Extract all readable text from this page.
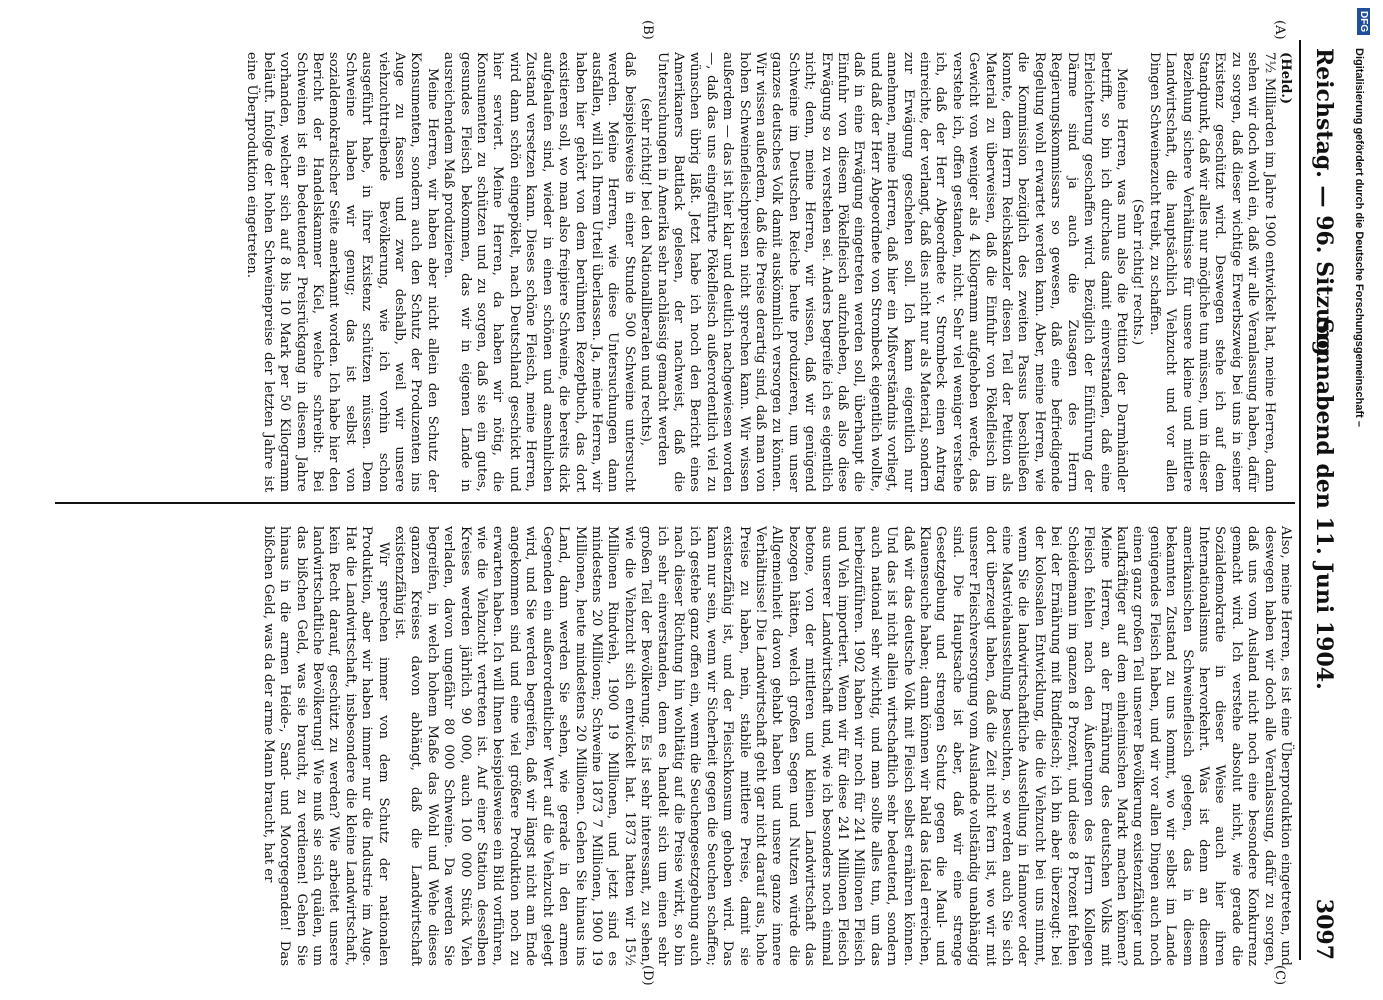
Reichstag. — 96. Sitzung.
Sonnabend den 11. Juni 1904.
3097
(A)
(B)
(C)
(D)

(Held.)

7½ Milliarden im Jahre 1900 entwickelt hat, meine Herren, dann sehen wir doch wohl ein, daß wir alle Veranlassung haben, dafür zu sorgen, daß dieser wichtige Erwerbszweig bei uns in seiner Existenz geschützt wird. Deswegen stehe ich auf dem Standpunkt, daß wir alles nur mögliche tun müssen, um in dieser Beziehung sichere Verhältnisse für unsere kleine und mittlere Landwirtschaft, die hauptsächlich Viehzucht und vor allen Dingen Schweinezucht treibt, zu schaffen.

(Sehr richtig! rechts.)

Meine Herren, was nun also die Petition der Darmhändler betrifft, so bin ich durchaus damit einverstanden, daß eine Erleichterung geschaffen wird. Bezüglich der Einführung der Därme sind ja auch die Zusagen des Herrn Regierungskommissars so gewesen, daß eine befriedigende Regelung wohl erwartet werden kann. Aber, meine Herren, wie die Kommission bezüglich des zweiten Passus beschließen konnte, dem Herrn Reichskanzler diesen Teil der Petition als Material zu überweisen, daß die Einfuhr von Pökelfleisch im Gewicht von weniger als 4 Kilogramm aufgehoben werde, das verstehe ich, offen gestanden, nicht. Sehr viel weniger verstehe ich, daß der Herr Abgeordnete v. Strombeck einen Antrag einreichte, der verlangt, daß dies nicht nur als Material, sondern zur Erwägung geschehen soll. Ich kann eigentlich nur annehmen, meine Herren, daß hier ein Mißverständnis vorliegt, und daß der Herr Abgeordnete von Strombeck eigentlich wollte, daß in eine Erwägung eingetreten werden soll, überhaupt die Einfuhr von diesem Pökelfleisch aufzuheben, daß also diese Erwägung so zu verstehen sei. Anders begreife ich es eigentlich nicht; denn, meine Herren, wir wissen, daß wir genügend Schweine im Deutschen Reiche heute produzieren, um unser ganzes deutsches Volk damit auskömmlich versorgen zu können. Wir wissen außerdem, daß die Preise derartig sind, daß man von hohen Schweinefleischpreisen nicht sprechen kann. Wir wissen außerdem — das ist hier klar und deutlich nachgewiesen worden —, daß das uns eingeführte Pökelfleisch außerordentlich viel zu wünschen übrig läßt. Jetzt habe ich noch den Bericht eines Amerikaners Battlack gelesen, der nachweist, daß die Untersuchungen in Amerika sehr nachlässig gemacht werden

(sehr richtig! bei den Nationalliberalen und rechts),

daß beispielsweise in einer Stunde 500 Schweine untersucht werden. Meine Herren, wie diese Untersuchungen dann ausfallen, will ich Ihrem Urteil überlassen. Ja, meine Herren, wir haben hier gehört von dem berühmten Rezeptbuch, das dort existieren soll, wo man also freipiere Schweine, die bereits dick aufgelaufen sind, wieder in einen schönen und ansehnlichen Zustand versetzen kann. Dieses schöne Fleisch, meine Herren, wird dann schön eingepökelt, nach Deutschland geschickt und hier serviert. Meine Herren, da haben wir nötig, die Konsumenten zu schützen und zu sorgen, daß sie ein gutes, gesundes Fleisch bekommen, das wir in eigenen Lande in ausreichendem Maß produzieren.

Meine Herren, wir haben aber nicht allein den Schutz der Konsumenten, sondern auch den Schutz der Produzenten ins Auge zu fassen und zwar deshalb, weil wir unsere viehzuchttreibende Bevölkerung, wie ich vorhin schon ausgeführt habe, in ihrer Existenz schützen müssen. Dem Schweine haben wir genug; das ist selbst von sozialdemokratischer Seite anerkannt worden. Ich habe hier den Bericht der Handelskammer Kiel, welche schreibt: Bei Schweinen ist ein bedeutender Preisrückgang in diesem Jahre vorhanden, welcher sich auf 8 bis 10 Mark per 50 Kilogramm beläuft. Infolge der hohen Schweinepreise der letzten Jahre ist eine Überproduktion eingetreten.

Also, meine Herren, es ist eine Überproduktion eingetreten, und deswegen haben wir doch alle Veranlassung, dafür zu sorgen, daß uns vom Ausland nicht noch eine besondere Konkurrenz gemacht wird. Ich verstehe absolut nicht, wie gerade die Sozialdemokratie in dieser Weise auch hier ihren Internationalismus hervorkehrt. Was ist denn an diesem amerikanischen Schweinefleisch gelegen, das in diesem bekannten Zustand zu uns kommt, wo wir selbst im Lande genügendes Fleisch haben, und wir vor allen Dingen auch noch einen ganz großen Teil unserer Bevölkerung existenzfähiger und kaufkräftiger auf dem einheimischen Markt machen können? Meine Herren, an der Ernährung des deutschen Volks mit Fleisch fehlen nach den Äußerungen des Herrn Kollegen Scheidemann im ganzen 8 Prozent, und diese 8 Prozent fehlen bei der Ernährung mit Rindfleisch; ich bin aber überzeugt: bei der kolossalen Entwicklung, die die Viehzucht bei uns nimmt, wenn Sie die landwirtschaftliche Ausstellung in Hannover oder eine Mastviehausstellung besuchten, so werden auch Sie sich dort überzeugt haben, daß die Zeit nicht fern ist, wo wir mit unserer Fleischversorgung vom Auslande vollständig unabhängig sind. Die Hauptsache ist aber, daß wir eine strenge Gesetzgebung und strengen Schutz gegen die Maul- und Klauenseuche haben; dann können wir bald das Ideal erreichen, daß wir das deutsche Volk mit Fleisch selbst ernähren können. Und das ist nicht allein wirtschaftlich sehr bedeutend, sondern auch national sehr wichtig, und man sollte alles tun, um das herbeizuführen. 1902 haben wir noch für 241 Millionen Fleisch und Vieh importiert. Wenn wir für diese 241 Millionen Fleisch aus unserer Landwirtschaft und, wie ich besonders noch einmal betone, von der mittleren und kleinen Landwirtschaft das bezogen hätten, welch großen Segen und Nutzen würde die Allgemeinheit davon gehabt haben und unsere ganze innere Verhältnisse! Die Landwirtschaft geht gar nicht darauf aus, hohe Preise zu haben, nein, stabile mittlere Preise, damit sie existenzfähig ist, und der Fleischkonsum gehoben wird. Das kann nur sein, wenn wir Sicherheit gegen die Seuchen schaffen; ich gestehe ganz offen ein, wenn die Seuchengesetzgebung auch nach dieser Richtung hin wohltätig auf die Preise wirkt, so bin ich sehr einverstanden, denn es handelt sich um einen sehr großen Teil der Bevölkerung. Es ist sehr interessant, zu sehen, wie die Viehzucht sich entwickelt hat. 1873 hatten wir 15½ Millionen Rindvieh, 1900 19 Millionen, und jetzt sind es mindestens 20 Millionen; Schweine 1873 7 Millionen, 1900 19 Millionen, heute mindestens 20 Millionen. Gehen Sie hinaus ins Land, dann werden Sie sehen, wie gerade in den armen Gegenden ein außerordentlicher Wert auf die Viehzucht gelegt wird, und Sie werden begreifen, daß wir längst nicht am Ende angekommen sind und eine viel größere Produktion noch zu erwarten haben. Ich will Ihnen beispielsweise ein Bild vorführen, wie die Viehzucht vertreten ist. Auf einer Station desselben Kreises werden jährlich 90 000, auch 100 000 Stück Vieh verladen, davon ungefähr 80 000 Schweine. Da werden Sie begreifen, in welch hohem Maße das Wohl und Wehe dieses ganzen Kreises davon abhängt, daß die Landwirtschaft existenzfähig ist.

Wir sprechen immer von dem Schutz der nationalen Produktion, aber wir haben immer nur die Industrie im Auge. Hat die Landwirtschaft, insbesondere die kleine Landwirtschaft, kein Recht darauf, geschützt zu werden? Wie arbeitet unsere landwirtschaftliche Bevölkerung! Wie muß sie sich quälen, um das bißchen Geld, was sie braucht, zu verdienen! Gehen Sie hinaus in die armen Heide-, Sand- und Moorgegenden! Das bißchen Geld, was da der arme Mann braucht, hat er

DFG
Digitalisierung gefördert durch die Deutsche Forschungsgemeinschaft –
